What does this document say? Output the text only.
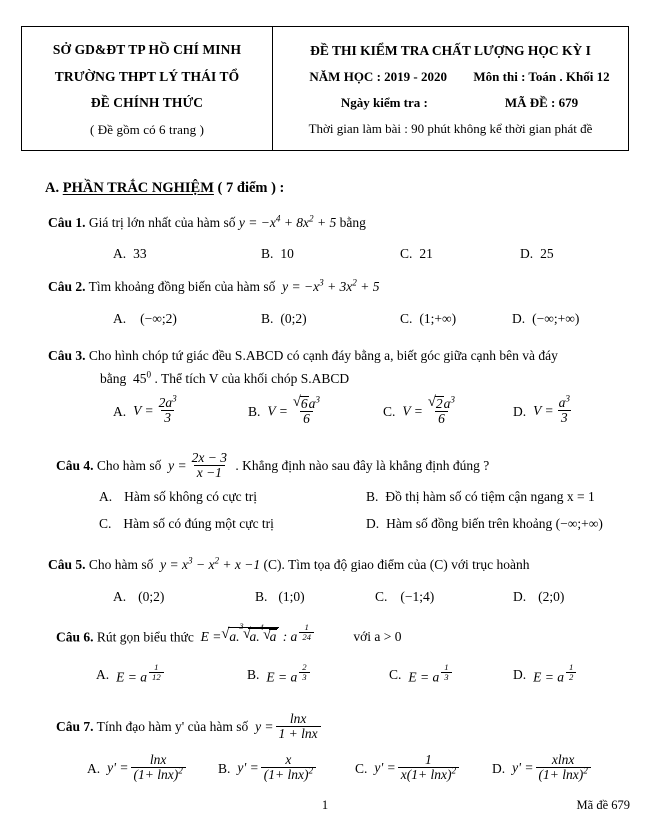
SỞ GD&ĐT TP HỒ CHÍ MINH
TRƯỜNG THPT LÝ THÁI TỔ
ĐỀ CHÍNH THỨC
( Đề gồm có 6 trang )
ĐỀ THI KIỂM TRA CHẤT LƯỢNG HỌC KỲ I
NĂM HỌC : 2019 - 2020	Môn thi : Toán . Khối 12
Ngày kiểm tra :	MÃ ĐỀ : 679
Thời gian làm bài : 90 phút không kể thời gian phát đề
A. PHẦN TRẮC NGHIỆM ( 7 điểm ) :
Câu 1. Giá trị lớn nhất của hàm số $y = -x^4 + 8x^2 + 5$ bằng
A. 33	B. 10	C. 21	D. 25
Câu 2. Tìm khoảng đồng biến của hàm số  $y = -x^3 + 3x^2 + 5$
A. (−∞;2)	B. (0;2)	C. (1;+∞)	D. (−∞;+∞)
Câu 3. Cho hình chóp tứ giác đều S.ABCD có cạnh đáy bằng a, biết góc giữa cạnh bên và đáy
bằng $45^0$ . Thể tích V của khối chóp S.ABCD
A. $V = \frac{2a^3}{3}$	B. V = √ $\frac{6a^3}{6}$	C. V = √ $\frac{2a^3}{6}$	D. $V = \frac{a^3}{3}$
Câu 4. Cho hàm số  $y = \frac{2x - 3}{x -1}$ . Khẳng định nào sau đây là khẳng định đúng ?
A. Hàm số không có cực trị	B. Đồ thị hàm số có tiệm cận ngang x = 1
C. Hàm số có đúng một cực trị	D. Hàm số đồng biến trên khoảng (−∞;+∞)
Câu 5. Cho hàm số  $y = x^3 - x^2 + x -1$ (C). Tìm tọa độ giao điểm của (C) với trục hoành
A. (0;2)	B. (1;0)	C. (−1;4)	D. (2;0)
Câu 6. Rút gọn biểu thức  E = √ a.
√ 3
a.
√ 4
a : a $^{\frac{1}{24}}$	với a > 0
A. E = a $^{\frac{1}{12}}$	B. E = a $^{\frac{2}{3}}$	C. E = a $^{\frac{1}{3}}$	D. E = a $^{\frac{1}{2}}$
Câu 7. Tính đạo hàm y' của hàm số  $y = \frac{\ln x}{1 + \ln x}$
A. $y' = \frac{\ln x}{(1+ \ln x)^2} B$. $y' = \frac{x}{(1+ \ln x)^2}$	C. $y' = \frac{1}{x(1+ \ln x)^2} D$. $y' = \frac{xlnx}{(1+ \ln x)^2}$
1	Mã đề 679
